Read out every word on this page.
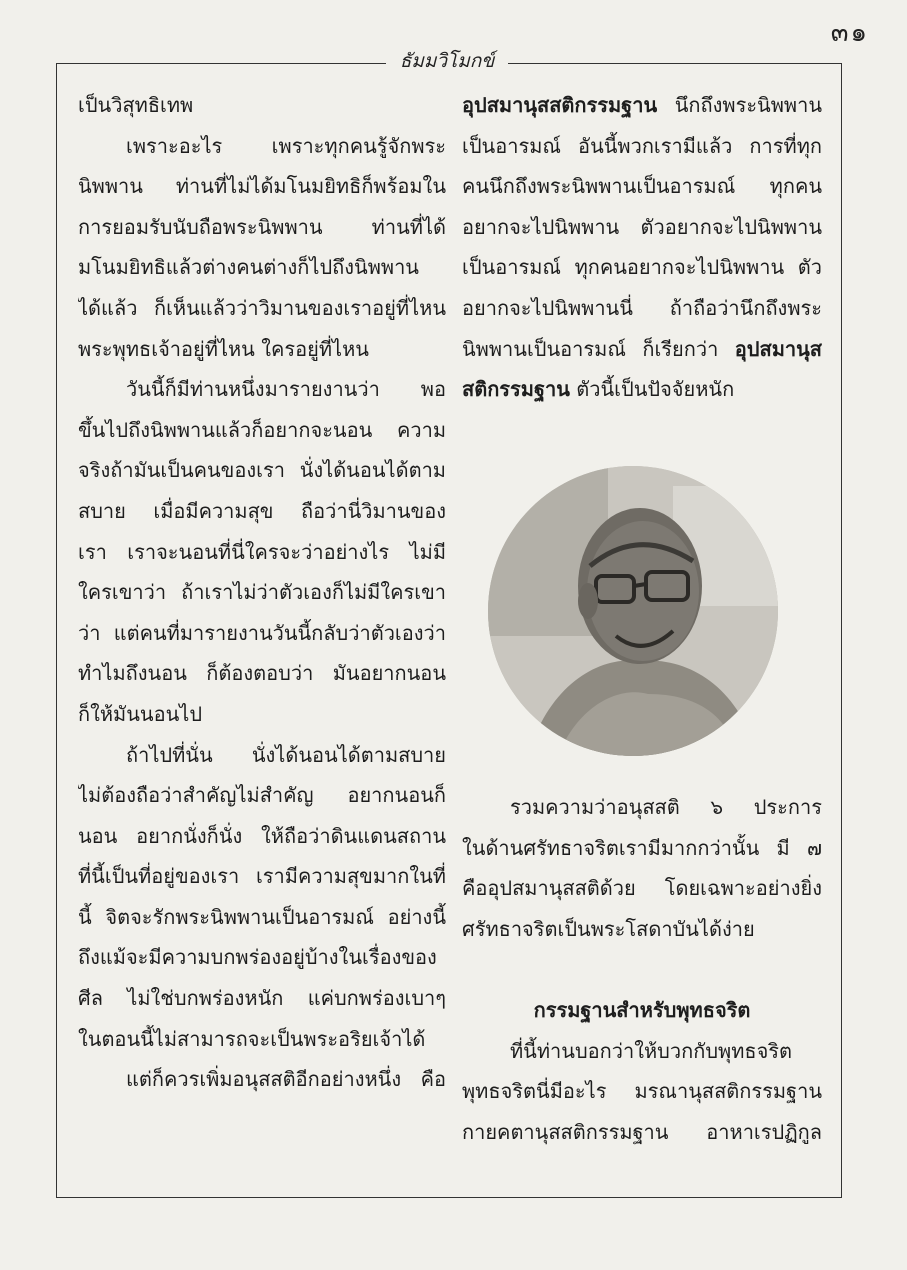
๓๑
ธัมมวิโมกข์
เป็นวิสุทธิเทพ
เพราะอะไร เพราะทุกคนรู้จักพระ
นิพพาน ท่านที่ไม่ได้มโนมยิทธิก็พร้อมใน
การยอมรับนับถือพระนิพพาน ท่านที่ได้
มโนมยิทธิแล้วต่างคนต่างก็ไปถึงนิพพาน
ได้แล้ว ก็เห็นแล้วว่าวิมานของเราอยู่ที่ไหน
พระพุทธเจ้าอยู่ที่ไหน ใครอยู่ที่ไหน
วันนี้ก็มีท่านหนึ่งมารายงานว่า พอ
ขึ้นไปถึงนิพพานแล้วก็อยากจะนอน ความ
จริงถ้ามันเป็นคนของเรา นั่งได้นอนได้ตาม
สบาย เมื่อมีความสุข ถือว่านี่วิมานของ
เรา เราจะนอนที่นี่ใครจะว่าอย่างไร ไม่มี
ใครเขาว่า ถ้าเราไม่ว่าตัวเองก็ไม่มีใครเขา
ว่า แต่คนที่มารายงานวันนี้กลับว่าตัวเองว่า
ทำไมถึงนอน ก็ต้องตอบว่า มันอยากนอน
ก็ให้มันนอนไป
ถ้าไปที่นั่น นั่งได้นอนได้ตามสบาย
ไม่ต้องถือว่าสำคัญไม่สำคัญ อยากนอนก็
นอน อยากนั่งก็นั่ง ให้ถือว่าดินแดนสถาน
ที่นี้เป็นที่อยู่ของเรา เรามีความสุขมากในที่
นี้ จิตจะรักพระนิพพานเป็นอารมณ์ อย่างนี้
ถึงแม้จะมีความบกพร่องอยู่บ้างในเรื่องของ
ศีล ไม่ใช่บกพร่องหนัก แค่บกพร่องเบาๆ
ในตอนนี้ไม่สามารถจะเป็นพระอริยเจ้าได้
แต่ก็ควรเพิ่มอนุสสติอีกอย่างหนึ่ง คือ
อุปสมานุสสติกรรมฐาน นึกถึงพระนิพพาน
เป็นอารมณ์ อันนี้พวกเรามีแล้ว การที่ทุก
คนนึกถึงพระนิพพานเป็นอารมณ์ ทุกคน
อยากจะไปนิพพาน ตัวอยากจะไปนิพพาน
เป็นอารมณ์ ทุกคนอยากจะไปนิพพาน ตัว
อยากจะไปนิพพานนี่ ถ้าถือว่านึกถึงพระ
นิพพานเป็นอารมณ์ ก็เรียกว่า อุปสมานุส
สติกรรมฐาน ตัวนี้เป็นปัจจัยหนัก
รวมความว่าอนุสสติ ๖ ประการ
ในด้านศรัทธาจริตเรามีมากกว่านั้น มี ๗
คืออุปสมานุสสติด้วย โดยเฉพาะอย่างยิ่ง
ศรัทธาจริตเป็นพระโสดาบันได้ง่าย
กรรมฐานสำหรับพุทธจริต
ที่นี้ท่านบอกว่าให้บวกกับพุทธจริต
พุทธจริตนี่มีอะไร มรณานุสสติกรรมฐาน
กายคตานุสสติกรรมฐาน อาหาเรปฏิกูล
